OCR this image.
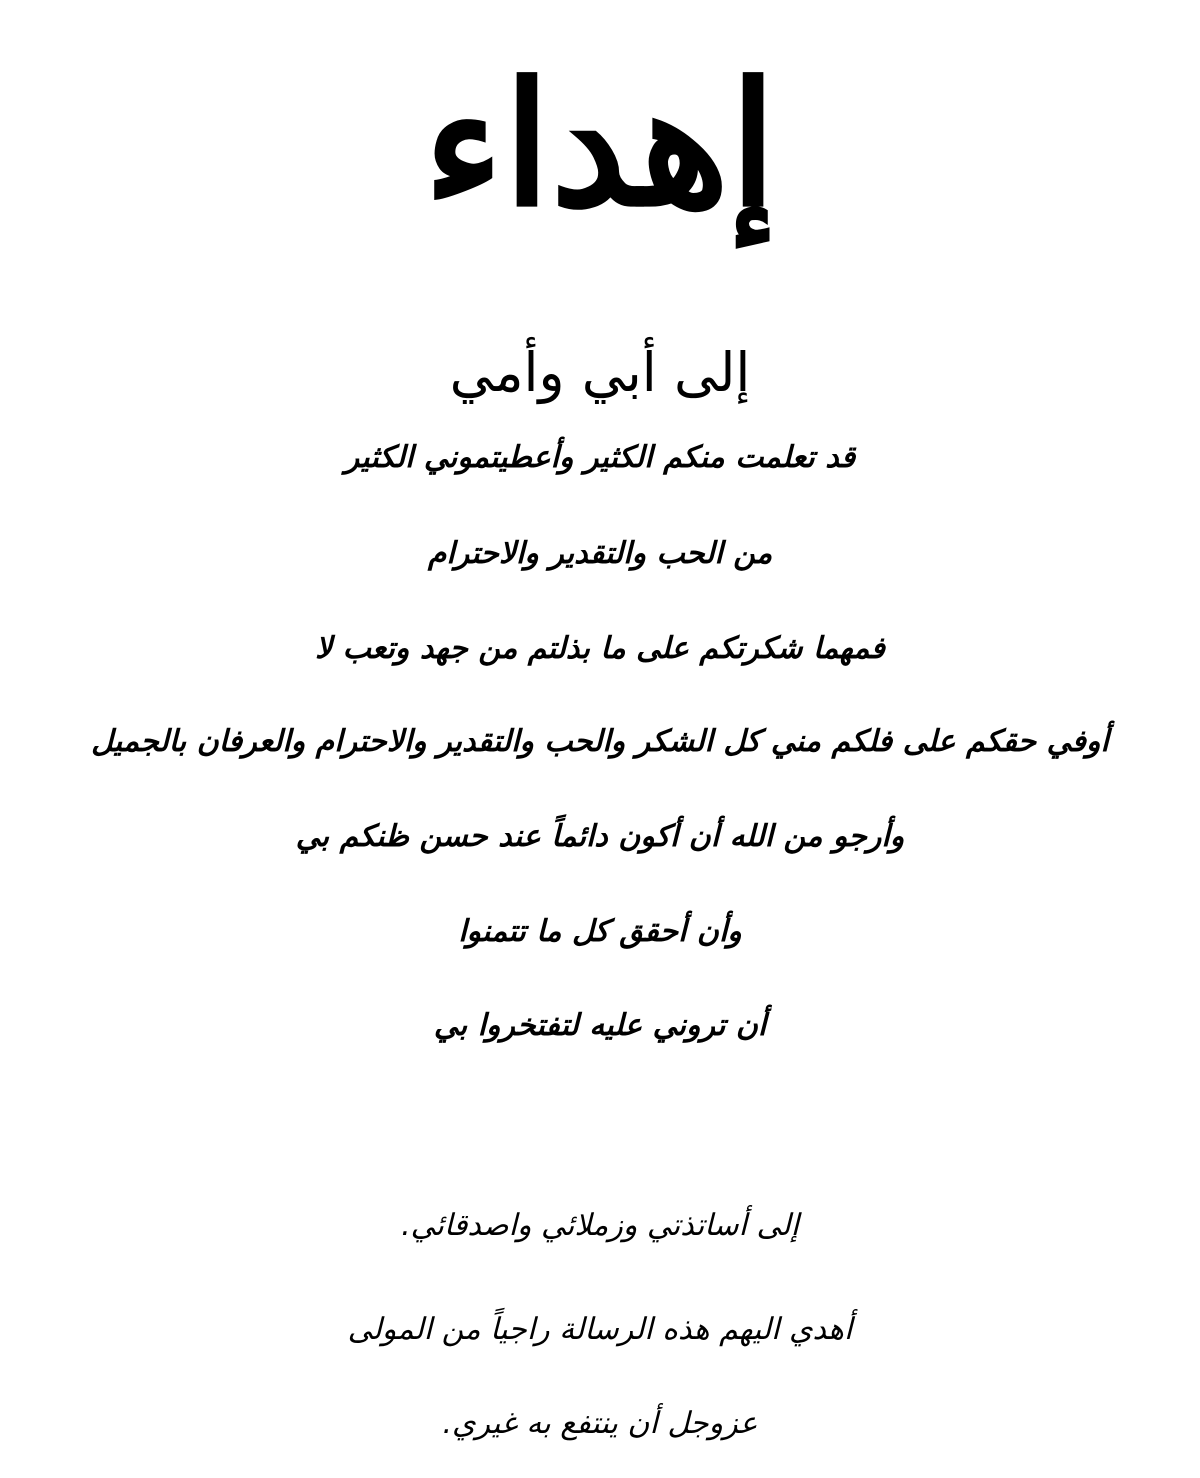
إهداء
إلى أبي وأمي
قد تعلمت منكم الكثير وأعطيتموني الكثير
من الحب والتقدير والاحترام
فمهما شكرتكم على ما بذلتم من جهد وتعب لا
أوفي حقكم على فلكم مني كل الشكر والحب والتقدير والاحترام والعرفان بالجميل
وأرجو من الله أن أكون دائماً عند حسن ظنكم بي
وأن أحقق كل ما تتمنوا
أن تروني عليه لتفتخروا بي
إلى أساتذتي وزملائي واصدقائي.
أهدي اليهم هذه الرسالة راجياً من المولى
عزوجل أن ينتفع به غيري.
